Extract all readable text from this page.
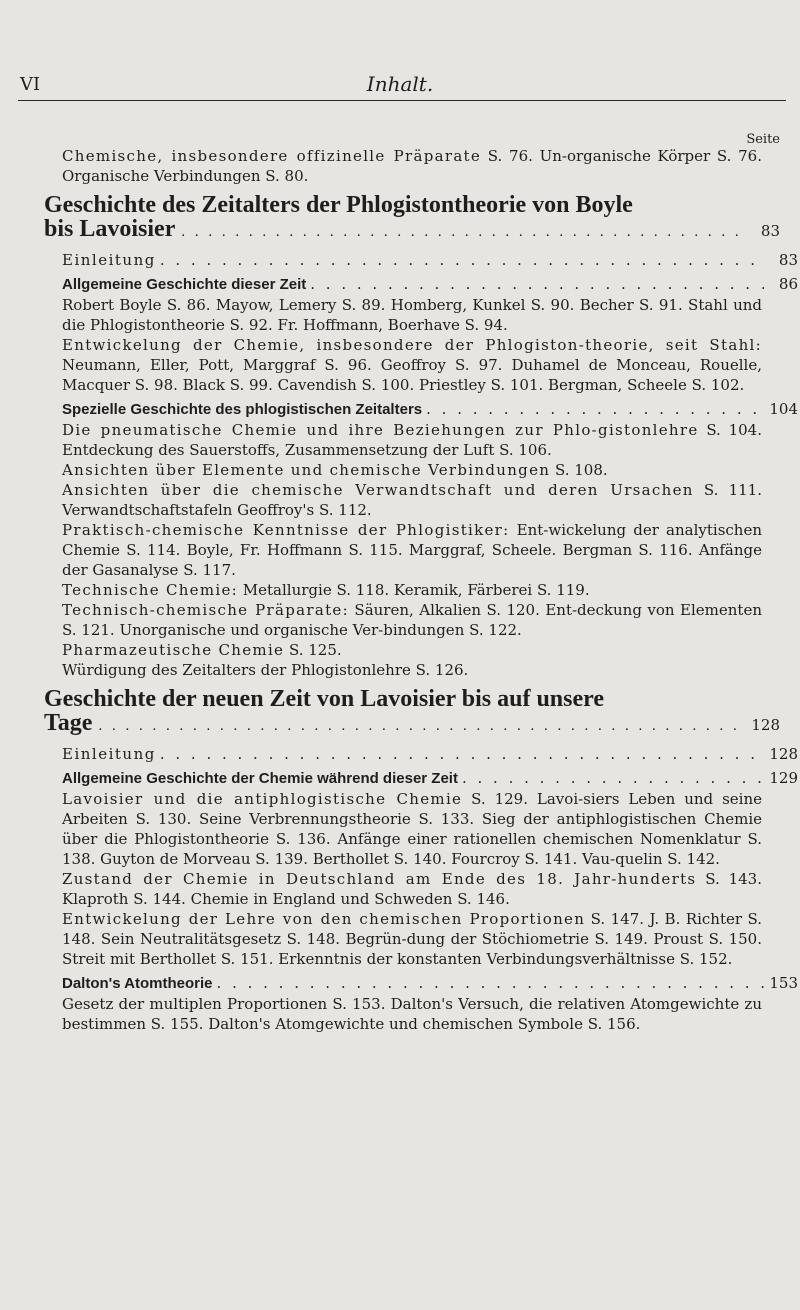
VI	Inhalt.
Seite

Chemische, insbesondere offizinelle Präparate S. 76. Un-organische Körper S. 76. Organische Verbindungen S. 80.

Geschichte des Zeitalters der Phlogistontheorie von Boyle
bis Lavoisier . . .	83
Einleitung . . .	83
Allgemeine Geschichte dieser Zeit . . .	86

Robert Boyle S. 86. Mayow, Lemery S. 89. Homberg, Kunkel S. 90. Becher S. 91. Stahl und die Phlogistontheorie S. 92. Fr. Hoffmann, Boerhave S. 94.

Entwickelung der Chemie, insbesondere der Phlogiston-theorie, seit Stahl: Neumann, Eller, Pott, Marggraf S. 96. Geoffroy S. 97. Duhamel de Monceau, Rouelle, Macquer S. 98. Black S. 99. Cavendish S. 100. Priestley S. 101. Bergman, Scheele S. 102.

Spezielle Geschichte des phlogistischen Zeitalters . . .	104

Die pneumatische Chemie und ihre Beziehungen zur Phlo-gistonlehre S. 104. Entdeckung des Sauerstoffs, Zusammensetzung der Luft S. 106.

Ansichten über Elemente und chemische Verbindungen S. 108.

Ansichten über die chemische Verwandtschaft und deren Ursachen S. 111. Verwandtschaftstafeln Geoffroy's S. 112.

Praktisch-chemische Kenntnisse der Phlogistiker: Ent-wickelung der analytischen Chemie S. 114. Boyle, Fr. Hoffmann S. 115. Marggraf, Scheele. Bergman S. 116. Anfänge der Gasanalyse S. 117.

Technische Chemie: Metallurgie S. 118. Keramik, Färberei S. 119.

Technisch-chemische Präparate: Säuren, Alkalien S. 120. Ent-deckung von Elementen S. 121. Unorganische und organische Ver-bindungen S. 122.

Pharmazeutische Chemie S. 125.

Würdigung des Zeitalters der Phlogistonlehre S. 126.

Geschichte der neuen Zeit von Lavoisier bis auf unsere
Tage . . .	128
Einleitung . . .	128
Allgemeine Geschichte der Chemie während dieser Zeit . . .	129

Lavoisier und die antiphlogistische Chemie S. 129. Lavoi-siers Leben und seine Arbeiten S. 130. Seine Verbrennungstheorie S. 133. Sieg der antiphlogistischen Chemie über die Phlogistontheorie S. 136. Anfänge einer rationellen chemischen Nomenklatur S. 138. Guyton de Morveau S. 139. Berthollet S. 140. Fourcroy S. 141. Vau-quelin S. 142.

Zustand der Chemie in Deutschland am Ende des 18. Jahr-hunderts S. 143. Klaproth S. 144. Chemie in England und Schweden S. 146.

Entwickelung der Lehre von den chemischen Proportionen S. 147. J. B. Richter S. 148. Sein Neutralitätsgesetz S. 148. Begrün-dung der Stöchiometrie S. 149. Proust S. 150. Streit mit Berthollet S. 151. Erkenntnis der konstanten Verbindungsverhältnisse S. 152.

Dalton's Atomtheorie . . .	153

Gesetz der multiplen Proportionen S. 153. Dalton's Versuch, die relativen Atomgewichte zu bestimmen S. 155. Dalton's Atomgewichte und chemischen Symbole S. 156.
